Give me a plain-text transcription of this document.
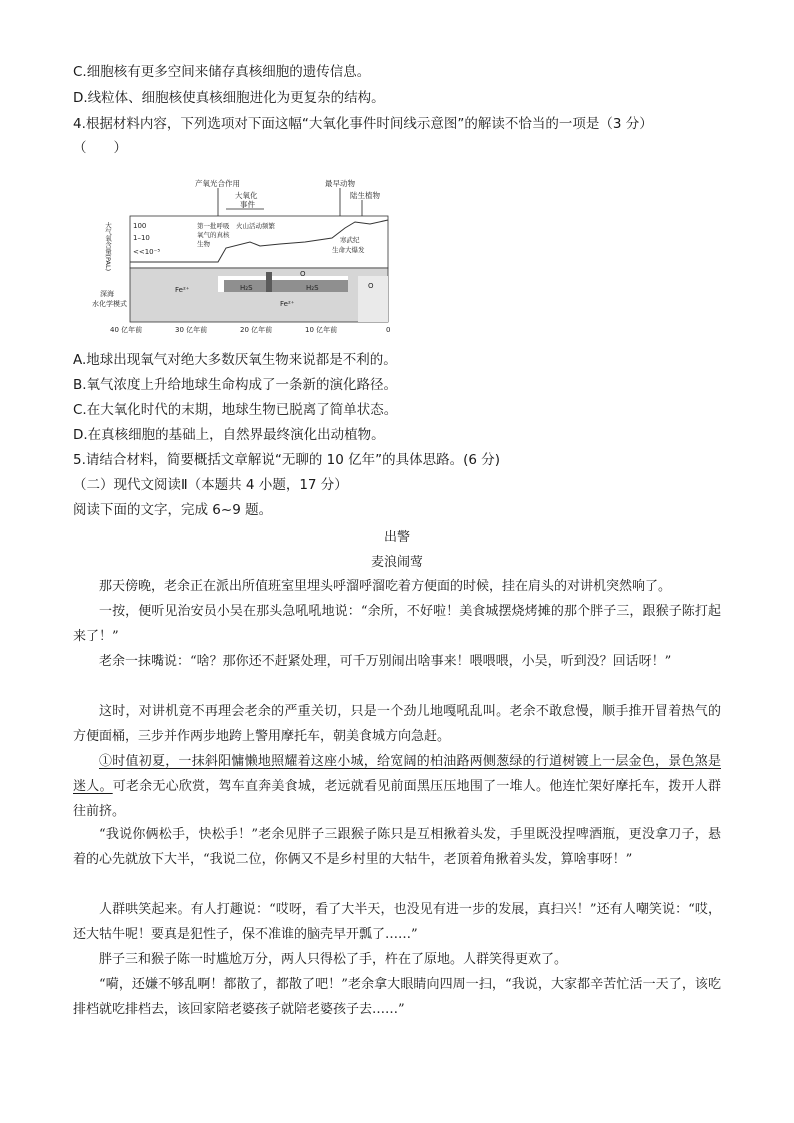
C.细胞核有更多空间来储存真核细胞的遗传信息。
D.线粒体、细胞核使真核细胞进化为更复杂的结构。
4.根据材料内容，下列选项对下面这幅“大氧化事件时间线示意图”的解读不恰当的一项是（3 分）
（　　）
产氧光合作用
大氧化
事件
最早动物
陆生植物
大气氧含量(PAL)	100
1–10
<<10⁻⁵
第一批呼吸
氧气的真核
生物
火山活动频繁
寒武纪
生命大爆发
深海
水化学模式
Fe²⁺
Fe²⁺
H₂S	H₂S
O
O
40 亿年前	30 亿年前	20 亿年前	10 亿年前	0
A.地球出现氧气对绝大多数厌氧生物来说都是不利的。
B.氧气浓度上升给地球生命构成了一条新的演化路径。
C.在大氧化时代的末期，地球生物已脱离了简单状态。
D.在真核细胞的基础上，自然界最终演化出动植物。
5.请结合材料，简要概括文章解说“无聊的 10 亿年”的具体思路。(6 分)
（二）现代文阅读Ⅱ（本题共 4 小题，17 分）
阅读下面的文字，完成 6~9 题。
出警
麦浪闹莺
那天傍晚，老余正在派出所值班室里埋头呼溜呼溜吃着方便面的时候，挂在肩头的对讲机突然响了。
一按，便听见治安员小吴在那头急吼吼地说：“余所，不好啦！美食城摆烧烤摊的那个胖子三，跟猴子陈打起来了！”
老余一抹嘴说：“啥？那你还不赶紧处理，可千万别闹出啥事来！喂喂喂，小吴，听到没？回话呀！”
这时，对讲机竟不再理会老余的严重关切，只是一个劲儿地嘎吼乱叫。老余不敢怠慢，顺手推开冒着热气的方便面桶，三步并作两步地跨上警用摩托车，朝美食城方向急赶。
①时值初夏，一抹斜阳慵懒地照耀着这座小城，给宽阔的柏油路两侧葱绿的行道树镀上一层金色，景色煞是迷人。可老余无心欣赏，驾车直奔美食城，老远就看见前面黑压压地围了一堆人。他连忙架好摩托车，拨开人群往前挤。
“我说你俩松手，快松手！”老余见胖子三跟猴子陈只是互相揪着头发，手里既没捏啤酒瓶，更没拿刀子，悬着的心先就放下大半，“我说二位，你俩又不是乡村里的大牯牛，老顶着角揪着头发，算啥事呀！”
人群哄笑起来。有人打趣说：“哎呀，看了大半天，也没见有进一步的发展，真扫兴！”还有人嘲笑说：“哎，还大牯牛呢！要真是犯性子，保不准谁的脑壳早开瓢了……”
胖子三和猴子陈一时尴尬万分，两人只得松了手，杵在了原地。人群笑得更欢了。
“嗬，还嫌不够乱啊！都散了，都散了吧！”老余拿大眼睛向四周一扫，“我说，大家都辛苦忙活一天了，该吃排档就吃排档去，该回家陪老婆孩子就陪老婆孩子去……”
